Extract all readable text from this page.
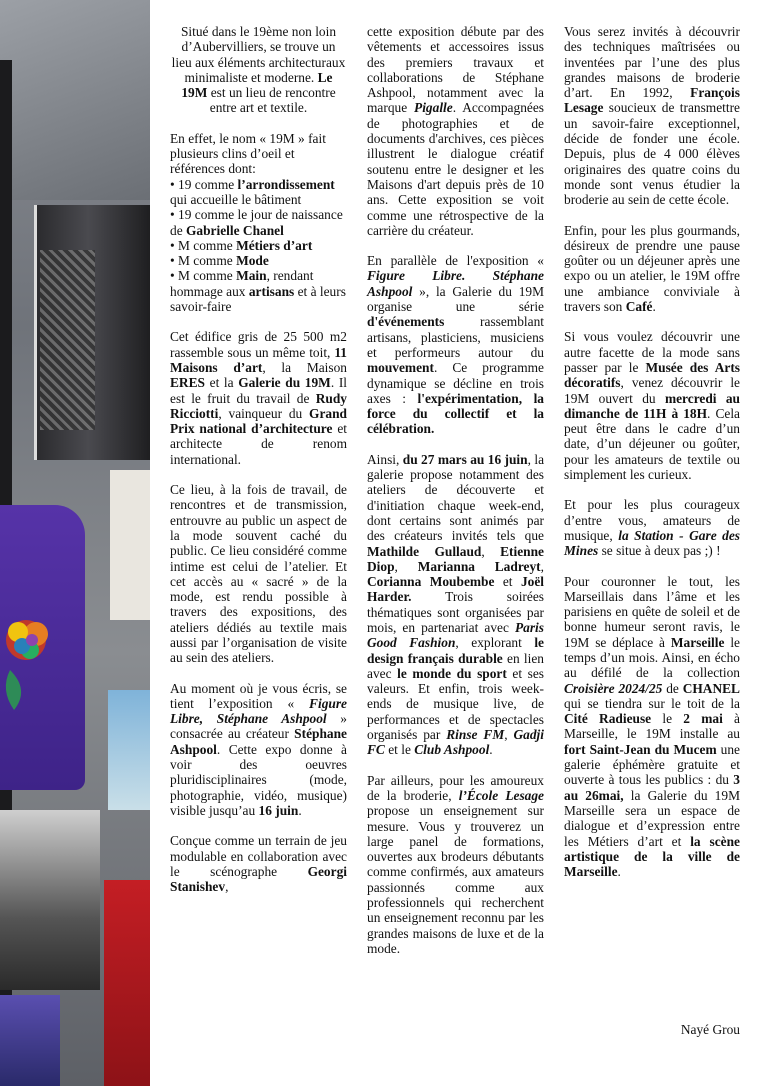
Situé dans le 19ème non loin d’Aubervilliers, se trouve un lieu aux éléments architecturaux minimaliste et moderne. Le 19M est un lieu de rencontre entre art et textile.

En effet, le nom « 19M » fait plusieurs clins d’oeil et références dont:
• 19 comme l’arrondissement qui accueille le bâtiment
• 19 comme le jour de naissance de Gabrielle Chanel
• M comme Métiers d’art
• M comme Mode
• M comme Main, rendant hommage aux artisans et à leurs savoir-faire

Cet édifice gris de 25 500 m2 rassemble sous un même toit, 11 Maisons d’art, la Maison ERES et la Galerie du 19M. Il est le fruit du travail de Rudy Ricciotti, vainqueur du Grand Prix national d’architecture et architecte de renom international.

Ce lieu, à la fois de travail, de rencontres et de transmission, entrouvre au public un aspect de la mode souvent caché du public. Ce lieu considéré comme intime est celui de l’atelier. Et cet accès au « sacré » de la mode, est rendu possible à travers des expositions, des ateliers dédiés au textile mais aussi par l’organisation de visite au sein des ateliers.

Au moment où je vous écris, se tient l’exposition « Figure Libre, Stéphane Ashpool » consacrée au créateur Stéphane Ashpool. Cette expo donne à voir des oeuvres pluridisciplinaires (mode, photographie, vidéo, musique) visible jusqu’au 16 juin.

Conçue comme un terrain de jeu modulable en collaboration avec le scénographe Georgi Stanishev,

cette exposition débute par des vêtements et accessoires issus des premiers travaux et collaborations de Stéphane Ashpool, notamment avec la marque Pigalle. Accompagnées de photographies et de documents d'archives, ces pièces illustrent le dialogue créatif soutenu entre le designer et les Maisons d'art depuis près de 10 ans. Cette exposition se voit comme une rétrospective de la carrière du créateur.

En parallèle de l'exposition « Figure Libre. Stéphane Ashpool », la Galerie du 19M organise une série d'événements rassemblant artisans, plasticiens, musiciens et performeurs autour du mouvement. Ce programme dynamique se décline en trois axes : l'expérimentation, la force du collectif et la célébration.

Ainsi, du 27 mars au 16 juin, la galerie propose notamment des ateliers de découverte et d'initiation chaque week-end, dont certains sont animés par des créateurs invités tels que Mathilde Gullaud, Etienne Diop, Marianna Ladreyt, Corianna Moubembe et Joël Harder. Trois soirées thématiques sont organisées par mois, en partenariat avec Paris Good Fashion, explorant le design français durable en lien avec le monde du sport et ses valeurs. Et enfin, trois week-ends de musique live, de performances et de spectacles organisés par Rinse FM, Gadji FC et le Club Ashpool.

Par ailleurs, pour les amoureux de la broderie, l’École Lesage propose un enseignement sur mesure. Vous y trouverez un large panel de formations, ouvertes aux brodeurs débutants comme confirmés, aux amateurs passionnés comme aux professionnels qui recherchent un enseignement reconnu par les grandes maisons de luxe et de la mode.

Vous serez invités à découvrir des techniques maîtrisées ou inventées par l’une des plus grandes maisons de broderie d’art. En 1992, François Lesage soucieux de transmettre un savoir-faire exceptionnel, décide de fonder une école. Depuis, plus de 4 000 élèves originaires des quatre coins du monde sont venus étudier la broderie au sein de cette école.

Enfin, pour les plus gourmands, désireux de prendre une pause goûter ou un déjeuner après une expo ou un atelier, le 19M offre une ambiance conviviale à travers son Café.

Si vous voulez découvrir une autre facette de la mode sans passer par le Musée des Arts décoratifs, venez découvrir le 19M ouvert du mercredi au dimanche de 11H à 18H. Cela peut être dans le cadre d’un date, d’un déjeuner ou goûter, pour les amateurs de textile ou simplement les curieux.

Et pour les plus courageux d’entre vous, amateurs de musique, la Station - Gare des Mines se situe à deux pas ;) !

Pour couronner le tout, les Marseillais dans l’âme et les parisiens en quête de soleil et de bonne humeur seront ravis, le 19M se déplace à Marseille le temps d’un mois. Ainsi, en écho au défilé de la collection Croisière 2024/25 de CHANEL qui se tiendra sur le toit de la Cité Radieuse le 2 mai à Marseille, le 19M installe au fort Saint-Jean du Mucem une galerie éphémère gratuite et ouverte à tous les publics : du 3 au 26mai, la Galerie du 19M Marseille sera un espace de dialogue et d’expression entre les Métiers d’art et la scène artistique de la ville de Marseille.

Nayé Grou
